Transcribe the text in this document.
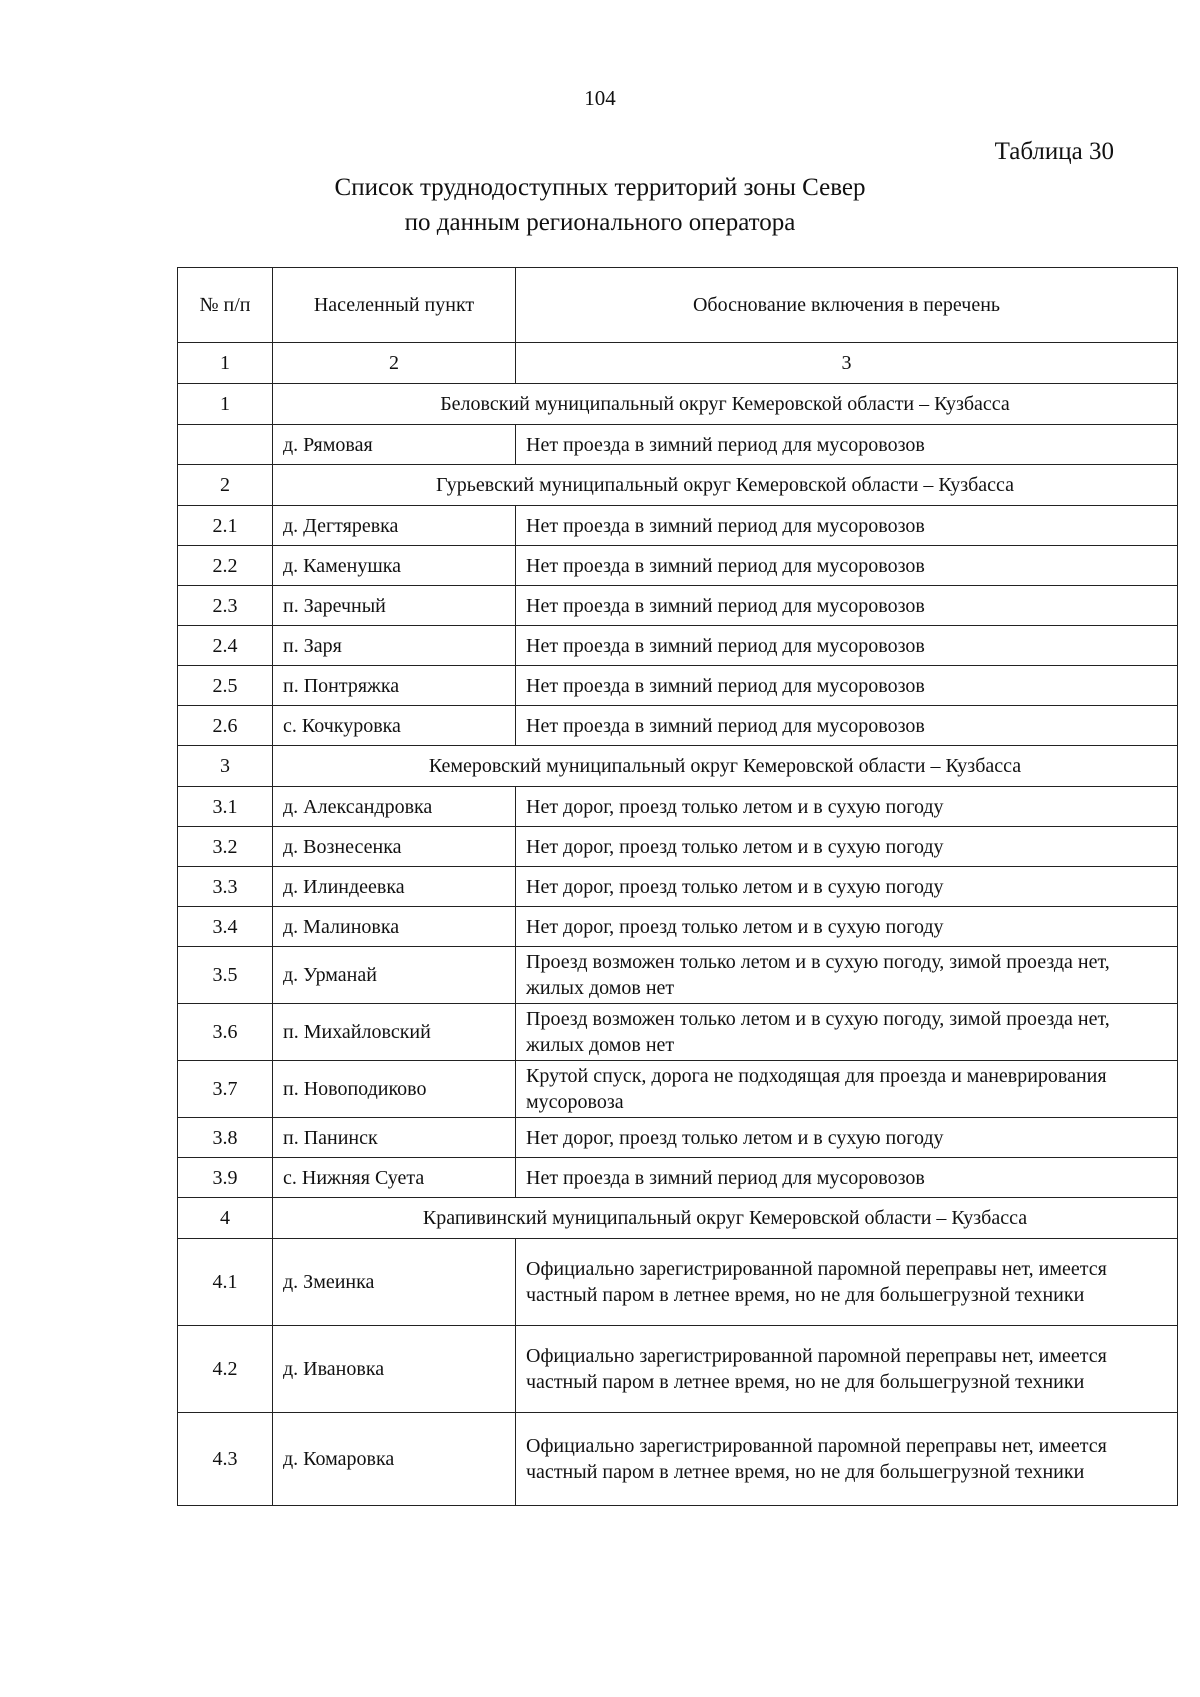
104
Таблица 30
Список труднодоступных территорий зоны Север
по данным регионального оператора
№ п/п	Населенный пункт	Обоснование включения в перечень
1	2	3
1	Беловский муниципальный округ Кемеровской области – Кузбасса	
	д. Рямовая	Нет проезда в зимний период для мусоровозов
2	Гурьевский муниципальный округ Кемеровской области – Кузбасса	
2.1	д. Дегтяревка	Нет проезда в зимний период для мусоровозов
2.2	д. Каменушка	Нет проезда в зимний период для мусоровозов
2.3	п. Заречный	Нет проезда в зимний период для мусоровозов
2.4	п. Заря	Нет проезда в зимний период для мусоровозов
2.5	п. Понтряжка	Нет проезда в зимний период для мусоровозов
2.6	с. Кочкуровка	Нет проезда в зимний период для мусоровозов
3	Кемеровский муниципальный округ Кемеровской области – Кузбасса	
3.1	д. Александровка	Нет дорог, проезд только летом и в сухую погоду
3.2	д. Вознесенка	Нет дорог, проезд только летом и в сухую погоду
3.3	д. Илиндеевка	Нет дорог, проезд только летом и в сухую погоду
3.4	д. Малиновка	Нет дорог, проезд только летом и в сухую погоду
3.5	д. Урманай	Проезд возможен только летом и в сухую погоду, зимой проезда нет, жилых домов нет
3.6	п. Михайловский	Проезд возможен только летом и в сухую погоду, зимой проезда нет, жилых домов нет
3.7	п. Новоподиково	Крутой спуск, дорога не подходящая для проезда и маневрирования мусоровоза
3.8	п. Панинск	Нет дорог, проезд только летом и в сухую погоду
3.9	с. Нижняя Суета	Нет проезда в зимний период для мусоровозов
4	Крапивинский муниципальный округ Кемеровской области – Кузбасса	
4.1	д. Змеинка	Официально зарегистрированной паромной переправы нет, имеется частный паром в летнее время, но не для большегрузной техники
4.2	д. Ивановка	Официально зарегистрированной паромной переправы нет, имеется частный паром в летнее время, но не для большегрузной техники
4.3	д. Комаровка	Официально зарегистрированной паромной переправы нет, имеется частный паром в летнее время, но не для большегрузной техники
